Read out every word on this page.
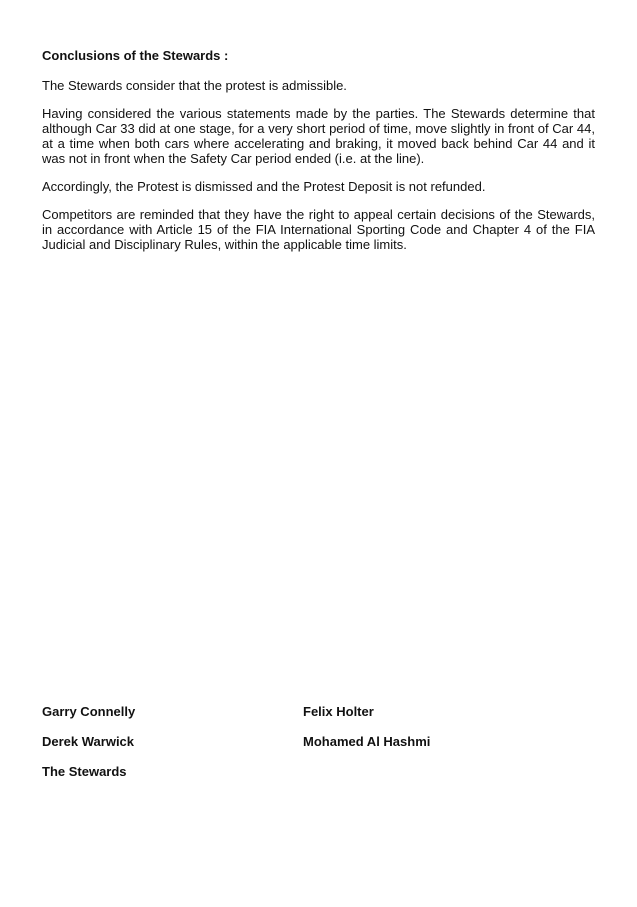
Conclusions of the Stewards :

The Stewards consider that the protest is admissible.

Having considered the various statements made by the parties. The Stewards determine that although Car 33 did at one stage, for a very short period of time, move slightly in front of Car 44, at a time when both cars where accelerating and braking, it moved back behind Car 44 and it was not in front when the Safety Car period ended (i.e. at the line).

Accordingly, the Protest is dismissed and the Protest Deposit is not refunded.

Competitors are reminded that they have the right to appeal certain decisions of the Stewards, in accordance with Article 15 of the FIA International Sporting Code and Chapter 4 of the FIA Judicial and Disciplinary Rules, within the applicable time limits.

Garry Connelly	Felix Holter
Derek Warwick	Mohamed Al Hashmi
The Stewards
